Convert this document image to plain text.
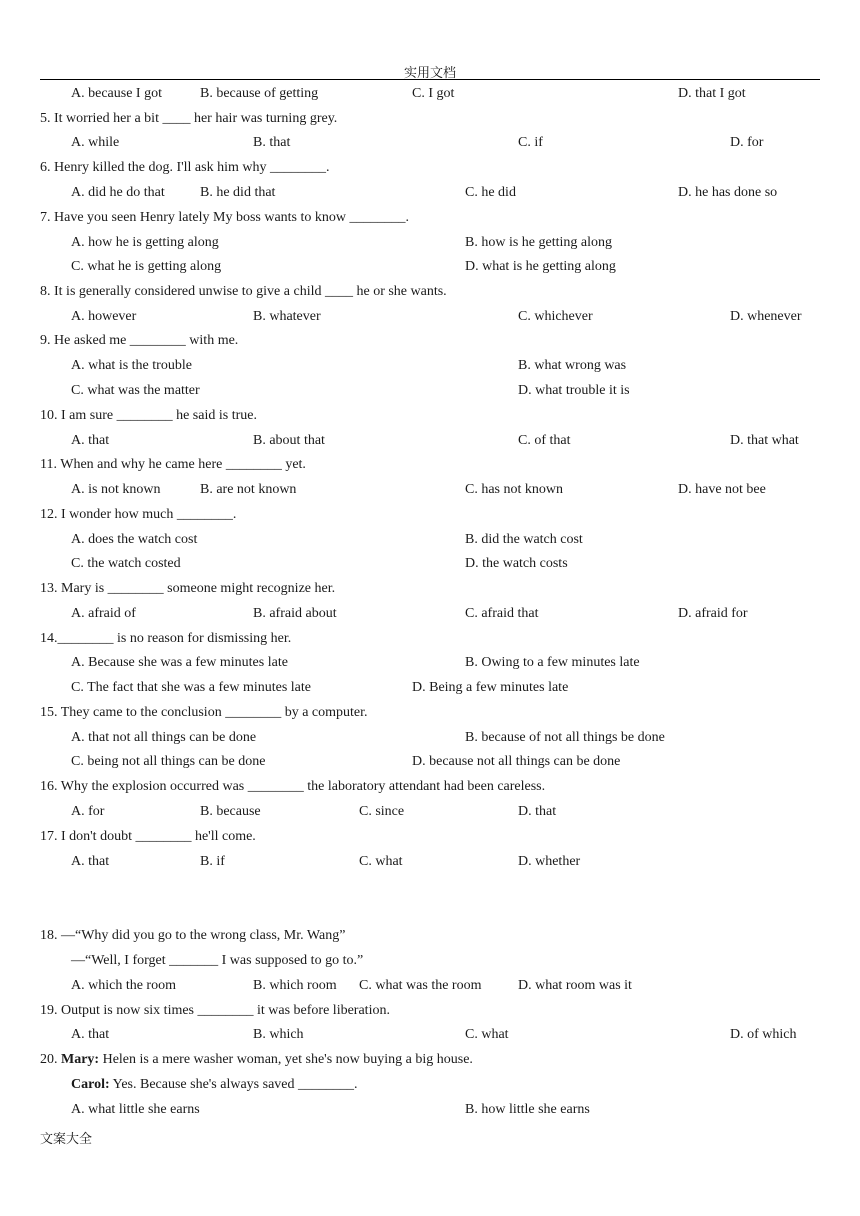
实用文档
A. because I got	B. because of getting	C. I got	D. that I got
5. It worried her a bit ____ her hair was turning grey.
A. while	B. that	C. if	D. for
6. Henry killed the dog. I'll ask him why ________.
A. did he do that	B. he did that	C. he did	D. he has done so
7. Have you seen Henry lately My boss wants to know ________.
A. how he is getting along	B. how is he getting along
C. what he is getting along	D. what is he getting along
8. It is generally considered unwise to give a child ____ he or she wants.
A. however	B. whatever	C. whichever	D. whenever
9. He asked me ________ with me.
A. what is the trouble	B. what wrong was
C. what was the matter	D. what trouble it is
10. I am sure ________ he said is true.
A. that	B. about that	C. of that	D. that what
11. When and why he came here ________ yet.
A. is not known	B. are not known	C. has not known	D. have not bee
12. I wonder how much ________.
A. does the watch cost	B. did the watch cost
C. the watch costed	D. the watch costs
13. Mary is ________ someone might recognize her.
A. afraid of	B. afraid about	C. afraid that	D. afraid for
14.________ is no reason for dismissing her.
A. Because she was a few minutes late	B. Owing to a few minutes late
C. The fact that she was a few minutes late	D. Being a few minutes late
15. They came to the conclusion ________ by a computer.
A. that not all things can be done	B. because of not all things be done
C. being not all things can be done	D. because not all things can be done
16. Why the explosion occurred was ________ the laboratory attendant had been careless.
A. for	B. because	C. since	D. that
17. I don't doubt ________ he'll come.
A. that	B. if	C. what	D. whether
18. —“Why did you go to the wrong class, Mr. Wang”
—“Well, I forget _______ I was supposed to go to.”
A. which the room	B. which room C. what was the room	D. what room was it
19. Output is now six times ________ it was before liberation.
A. that	B. which	C. what	D. of which
20. Mary: Helen is a mere washer woman, yet she's now buying a big house.
Carol: Yes. Because she's always saved ________.
A. what little she earns	B. how little she earns
文案大全
